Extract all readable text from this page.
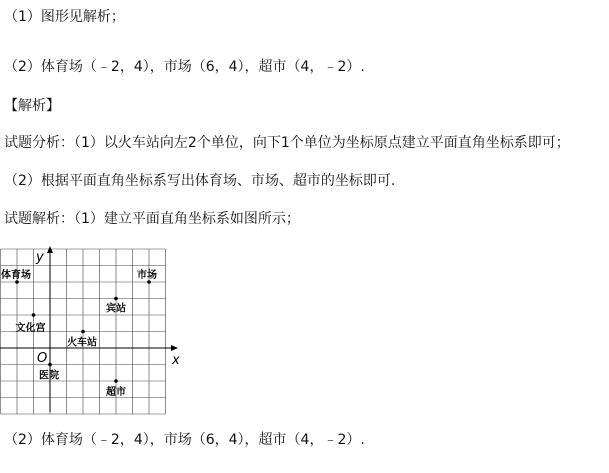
（1）图形见解析；
（2）体育场（﹣2，4），市场（6，4），超市（4，﹣2）.
【解析】
试题分析：（1）以火车站向左2个单位，向下1个单位为坐标原点建立平面直角坐标系即可；
（2）根据平面直角坐标系写出体育场、市场、超市的坐标即可.
试题解析：（1）建立平面直角坐标系如图所示；
y
x
O
体育场	市场
宾站
文化宫
火车站
医院
超市
（2）体育场（﹣2，4），市场（6，4），超市（4，﹣2）.
